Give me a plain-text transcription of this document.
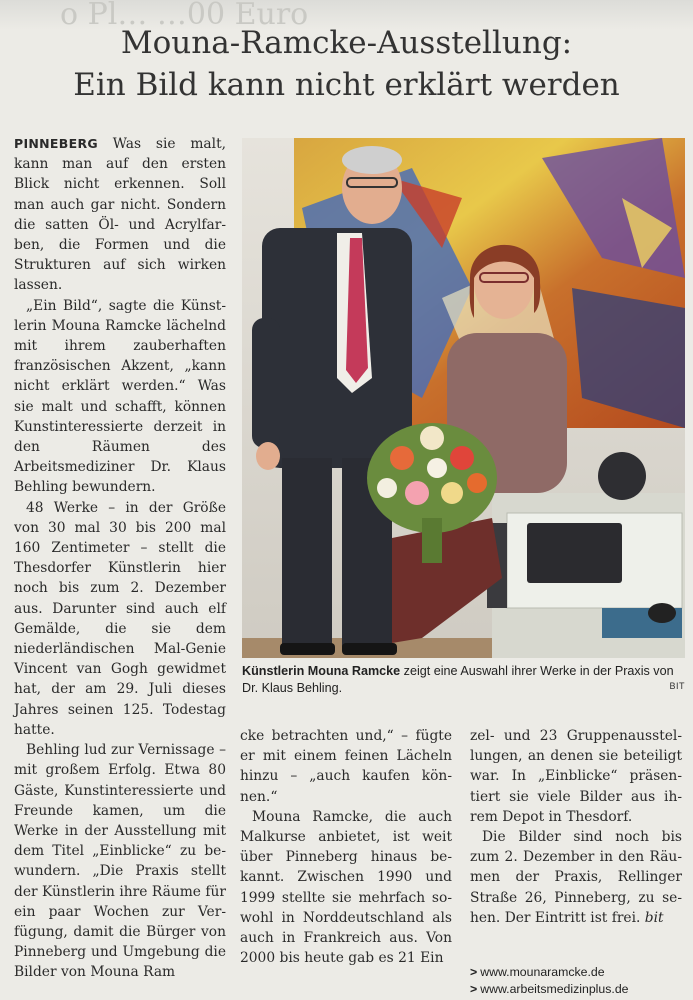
o Pl… …00 Euro
Mouna-Ramcke-Ausstellung:
Ein Bild kann nicht erklärt werden

PINNEBERG Was sie malt, kann man auf den ersten Blick nicht erkennen. Soll man auch gar nicht. Sondern die satten Öl- und Acrylfarben, die Formen und die Strukturen auf sich wirken lassen.

„Ein Bild“, sagte die Künstlerin Mouna Ramcke lächelnd mit ihrem zauberhaften französischen Akzent, „kann nicht erklärt werden.“ Was sie malt und schafft, können Kunstinteressierte derzeit in den Räumen des Arbeitsmediziner Dr. Klaus Behling bewundern.

48 Werke – in der Größe von 30 mal 30 bis 200 mal 160 Zentimeter – stellt die Thesdorfer Künstlerin hier noch bis zum 2. Dezember aus. Darunter sind auch elf Gemälde, die sie dem niederländischen Mal-Genie Vincent van Gogh gewidmet hat, der am 29. Juli dieses Jahres seinen 125. Todestag hatte.

Behling lud zur Vernissage – mit großem Erfolg. Etwa 80 Gäste, Kunstinteressierte und Freunde kamen, um die Werke in der Ausstellung mit dem Titel „Einblicke“ zu bewundern. „Die Praxis stellt der Künstlerin ihre Räume für ein paar Wochen zur Verfügung, damit die Bürger von Pinneberg und Umgebung die Bilder von Mouna Ram

Künstlerin Mouna Ramcke zeigt eine Auswahl ihrer Werke in der Praxis von Dr. Klaus Behling.	BIT

cke betrachten und,“ – fügte er mit einem feinen Lächeln hinzu – „auch kaufen können.“

Mouna Ramcke, die auch Malkurse anbietet, ist weit über Pinneberg hinaus bekannt. Zwischen 1990 und 1999 stellte sie mehrfach sowohl in Norddeutschland als auch in Frankreich aus. Von 2000 bis heute gab es 21 Ein

zel- und 23 Gruppenausstellungen, an denen sie beteiligt war. In „Einblicke“ präsentiert sie viele Bilder aus ihrem Depot in Thesdorf.

Die Bilder sind noch bis zum 2. Dezember in den Räumen der Praxis, Rellinger Straße 26, Pinneberg, zu sehen. Der Eintritt ist frei. bit

> www.mounaramcke.de
> www.arbeitsmedizinplus.de
